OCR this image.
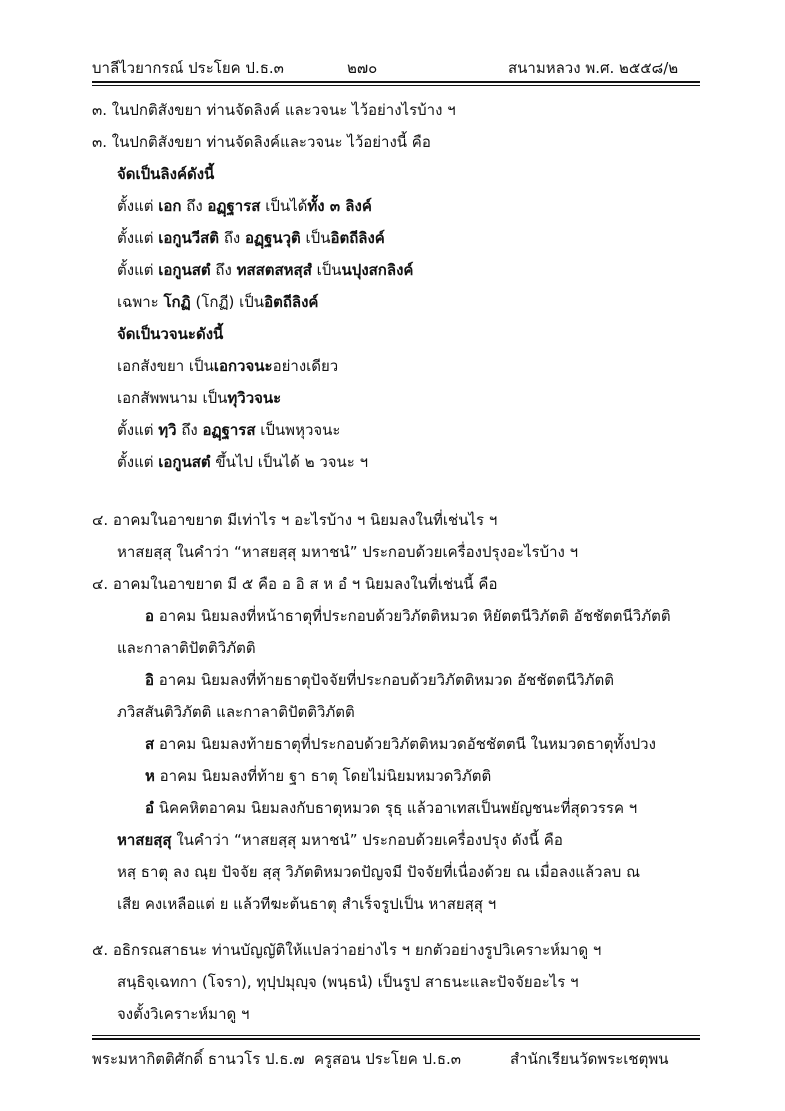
บาลีไวยากรณ์ ประโยค ป.ธ.๓	๒๗๐	สนามหลวง พ.ศ. ๒๕๕๘/๒
๓. ในปกติสังขยา ท่านจัดลิงค์ และวจนะ ไว้อย่างไรบ้าง ฯ
๓. ในปกติสังขยา ท่านจัดลิงค์และวจนะ ไว้อย่างนี้ คือ
จัดเป็นลิงค์ดังนี้
ตั้งแต่ เอก ถึง อฏฺฐารส เป็นได้ทั้ง ๓ ลิงค์
ตั้งแต่ เอกูนวีสติ ถึง อฏฺฐนวุติ เป็นอิตถีลิงค์
ตั้งแต่ เอกูนสตํ ถึง ทสสตสหสฺสํ เป็นนปุงสกลิงค์
เฉพาะ โกฏิ (โกฏี) เป็นอิตถีลิงค์
จัดเป็นวจนะดังนี้
เอกสังขยา เป็นเอกวจนะอย่างเดียว
เอกสัพพนาม เป็นทุวิวจนะ
ตั้งแต่ ทฺวิ ถึง อฏฺฐารส เป็นพหุวจนะ
ตั้งแต่ เอกูนสตํ ขึ้นไป เป็นได้ ๒ วจนะ ฯ
๔. อาคมในอาขยาต มีเท่าไร ฯ อะไรบ้าง ฯ นิยมลงในที่เช่นไร ฯ
หาสยสฺสุ ในคำว่า “หาสยสฺสุ มหาชนํ” ประกอบด้วยเครื่องปรุงอะไรบ้าง ฯ
๔. อาคมในอาขยาต มี ๕ คือ อ อิ ส ห อํ ฯ นิยมลงในที่เช่นนี้ คือ
อ อาคม นิยมลงที่หน้าธาตุที่ประกอบด้วยวิภัตติหมวด หิยัตตนีวิภัตติ อัชชัตตนีวิภัตติ
และกาลาติปัตติวิภัตติ
อิ อาคม นิยมลงที่ท้ายธาตุปัจจัยที่ประกอบด้วยวิภัตติหมวด อัชชัตตนีวิภัตติ
ภวิสสันติวิภัตติ และกาลาติปัตติวิภัตติ
ส อาคม นิยมลงท้ายธาตุที่ประกอบด้วยวิภัตติหมวดอัชชัตตนี ในหมวดธาตุทั้งปวง
ห อาคม นิยมลงที่ท้าย ฐา ธาตุ โดยไม่นิยมหมวดวิภัตติ
อํ นิคคหิตอาคม นิยมลงกับธาตุหมวด รุธฺ แล้วอาเทสเป็นพยัญชนะที่สุดวรรค ฯ
หาสยสฺสุ ในคำว่า “หาสยสฺสุ มหาชนํ” ประกอบด้วยเครื่องปรุง ดังนี้ คือ
หสฺ ธาตุ ลง ณฺย ปัจจัย สฺสุ วิภัตติหมวดปัญจมี ปัจจัยที่เนื่องด้วย ณ เมื่อลงแล้วลบ ณ
เสีย คงเหลือแต่ ย แล้วทีฆะต้นธาตุ สำเร็จรูปเป็น หาสยสฺสุ ฯ
๕. อธิกรณสาธนะ ท่านบัญญัติให้แปลว่าอย่างไร ฯ ยกตัวอย่างรูปวิเคราะห์มาดู ฯ
สนฺธิจฺเฉทกา (โจรา), ทุปฺปมุญฺจ (พนฺธนํ) เป็นรูป สาธนะและปัจจัยอะไร ฯ
จงตั้งวิเคราะห์มาดู ฯ
พระมหากิตติศักดิ์ ธานวโร ป.ธ.๗ ครูสอน ประโยค ป.ธ.๓	สำนักเรียนวัดพระเชตุพน
